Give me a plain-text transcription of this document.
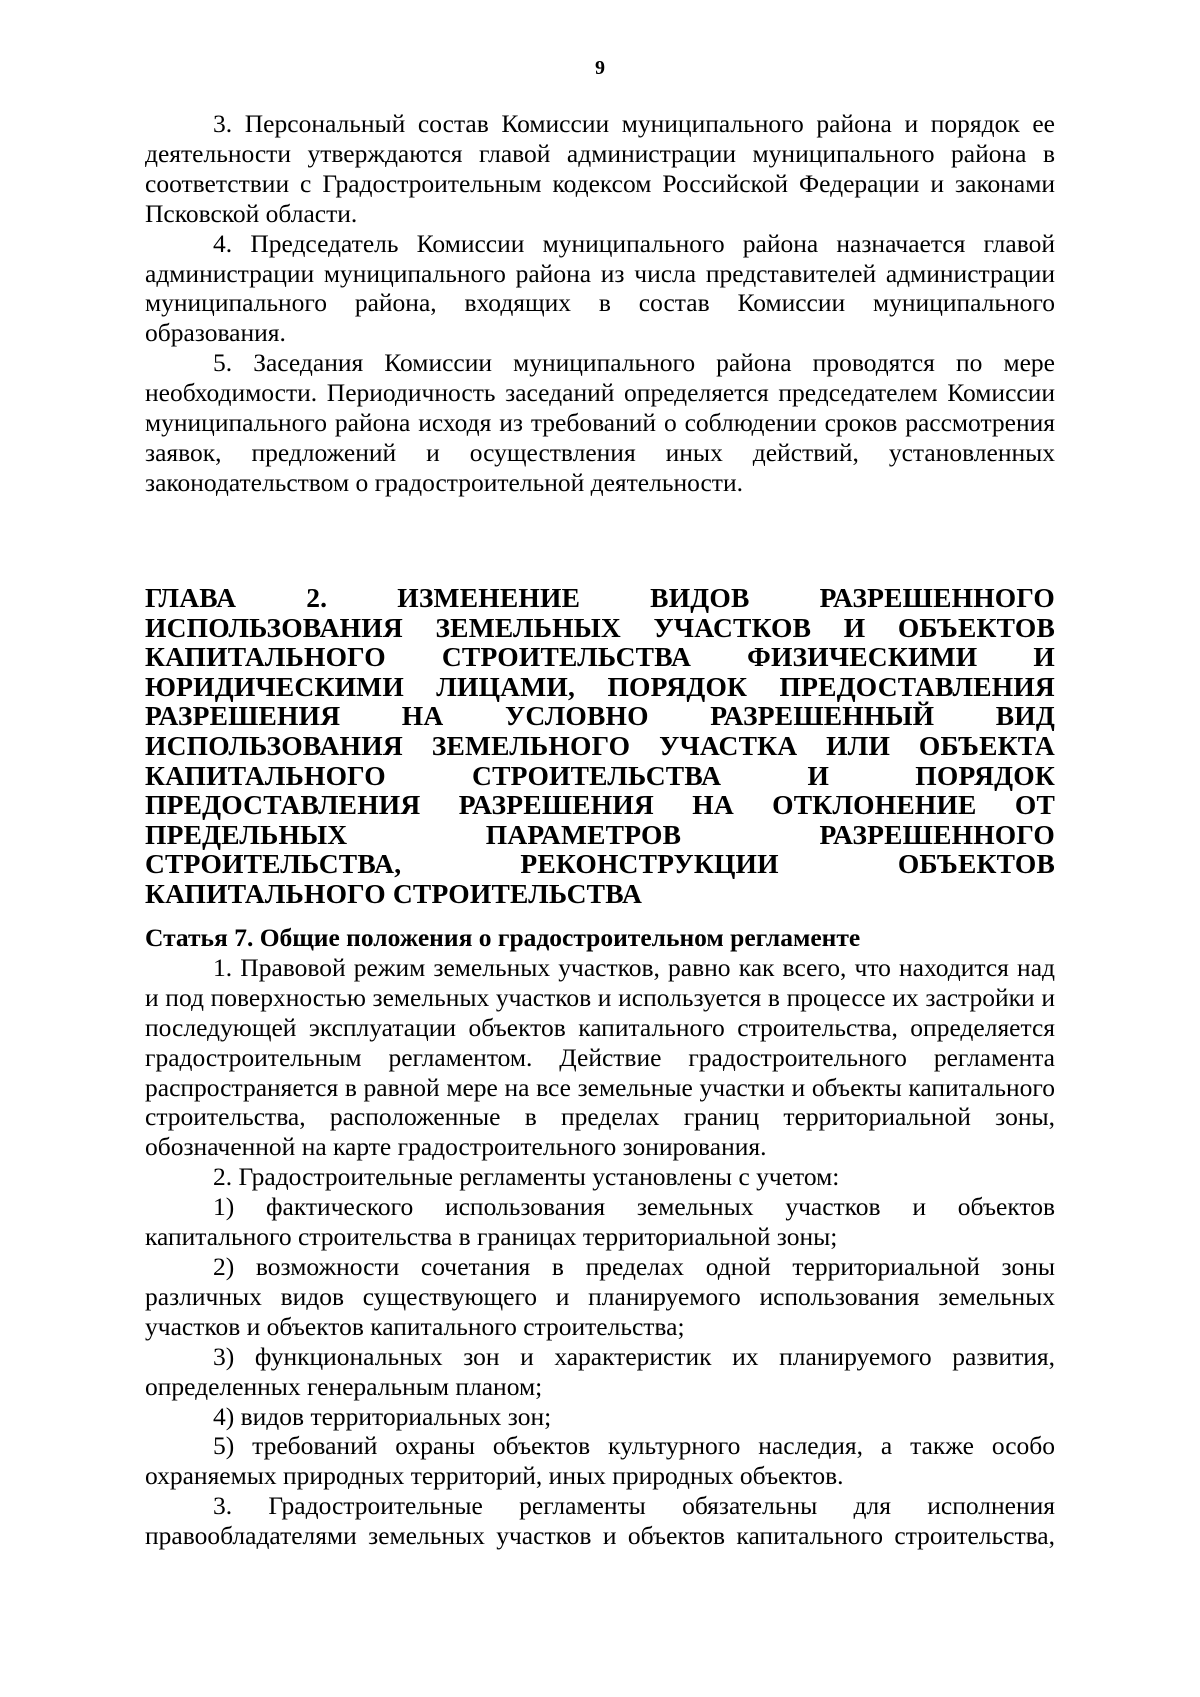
9

3. Персональный состав Комиссии муниципального района и порядок ее деятельности утверждаются главой администрации муниципального района в соответствии с Градостроительным кодексом Российской Федерации и законами Псковской области.

4. Председатель Комиссии муниципального района назначается главой администрации муниципального района из числа представителей администрации муниципального района, входящих в состав Комиссии муниципального образования.

5. Заседания Комиссии муниципального района проводятся по мере необходимости. Периодичность заседаний определяется председателем Комиссии муниципального района исходя из требований о соблюдении сроков рассмотрения заявок, предложений и осуществления иных действий, установленных законодательством о градостроительной деятельности.

ГЛАВА 2. ИЗМЕНЕНИЕ ВИДОВ РАЗРЕШЕННОГО ИСПОЛЬЗОВАНИЯ ЗЕМЕЛЬНЫХ УЧАСТКОВ И ОБЪЕКТОВ КАПИТАЛЬНОГО СТРОИТЕЛЬСТВА ФИЗИЧЕСКИМИ И ЮРИДИЧЕСКИМИ ЛИЦАМИ, ПОРЯДОК ПРЕДОСТАВЛЕНИЯ РАЗРЕШЕНИЯ НА УСЛОВНО РАЗРЕШЕННЫЙ ВИД ИСПОЛЬЗОВАНИЯ ЗЕМЕЛЬНОГО УЧАСТКА ИЛИ ОБЪЕКТА КАПИТАЛЬНОГО СТРОИТЕЛЬСТВА И ПОРЯДОК ПРЕДОСТАВЛЕНИЯ РАЗРЕШЕНИЯ НА ОТКЛОНЕНИЕ ОТ ПРЕДЕЛЬНЫХ ПАРАМЕТРОВ РАЗРЕШЕННОГО СТРОИТЕЛЬСТВА, РЕКОНСТРУКЦИИ ОБЪЕКТОВ КАПИТАЛЬНОГО СТРОИТЕЛЬСТВА

Статья 7. Общие положения о градостроительном регламенте

1. Правовой режим земельных участков, равно как всего, что находится над и под поверхностью земельных участков и используется в процессе их застройки и последующей эксплуатации объектов капитального строительства, определяется градостроительным регламентом. Действие градостроительного регламента распространяется в равной мере на все земельные участки и объекты капитального строительства, расположенные в пределах границ территориальной зоны, обозначенной на карте градостроительного зонирования.

2. Градостроительные регламенты установлены с учетом:

1) фактического использования земельных участков и объектов капитального строительства в границах территориальной зоны;

2) возможности сочетания в пределах одной территориальной зоны различных видов существующего и планируемого использования земельных участков и объектов капитального строительства;

3) функциональных зон и характеристик их планируемого развития, определенных генеральным планом;

4) видов территориальных зон;

5) требований охраны объектов культурного наследия, а также особо охраняемых природных территорий, иных природных объектов.

3. Градостроительные регламенты обязательны для исполнения правообладателями земельных участков и объектов капитального строительства,
